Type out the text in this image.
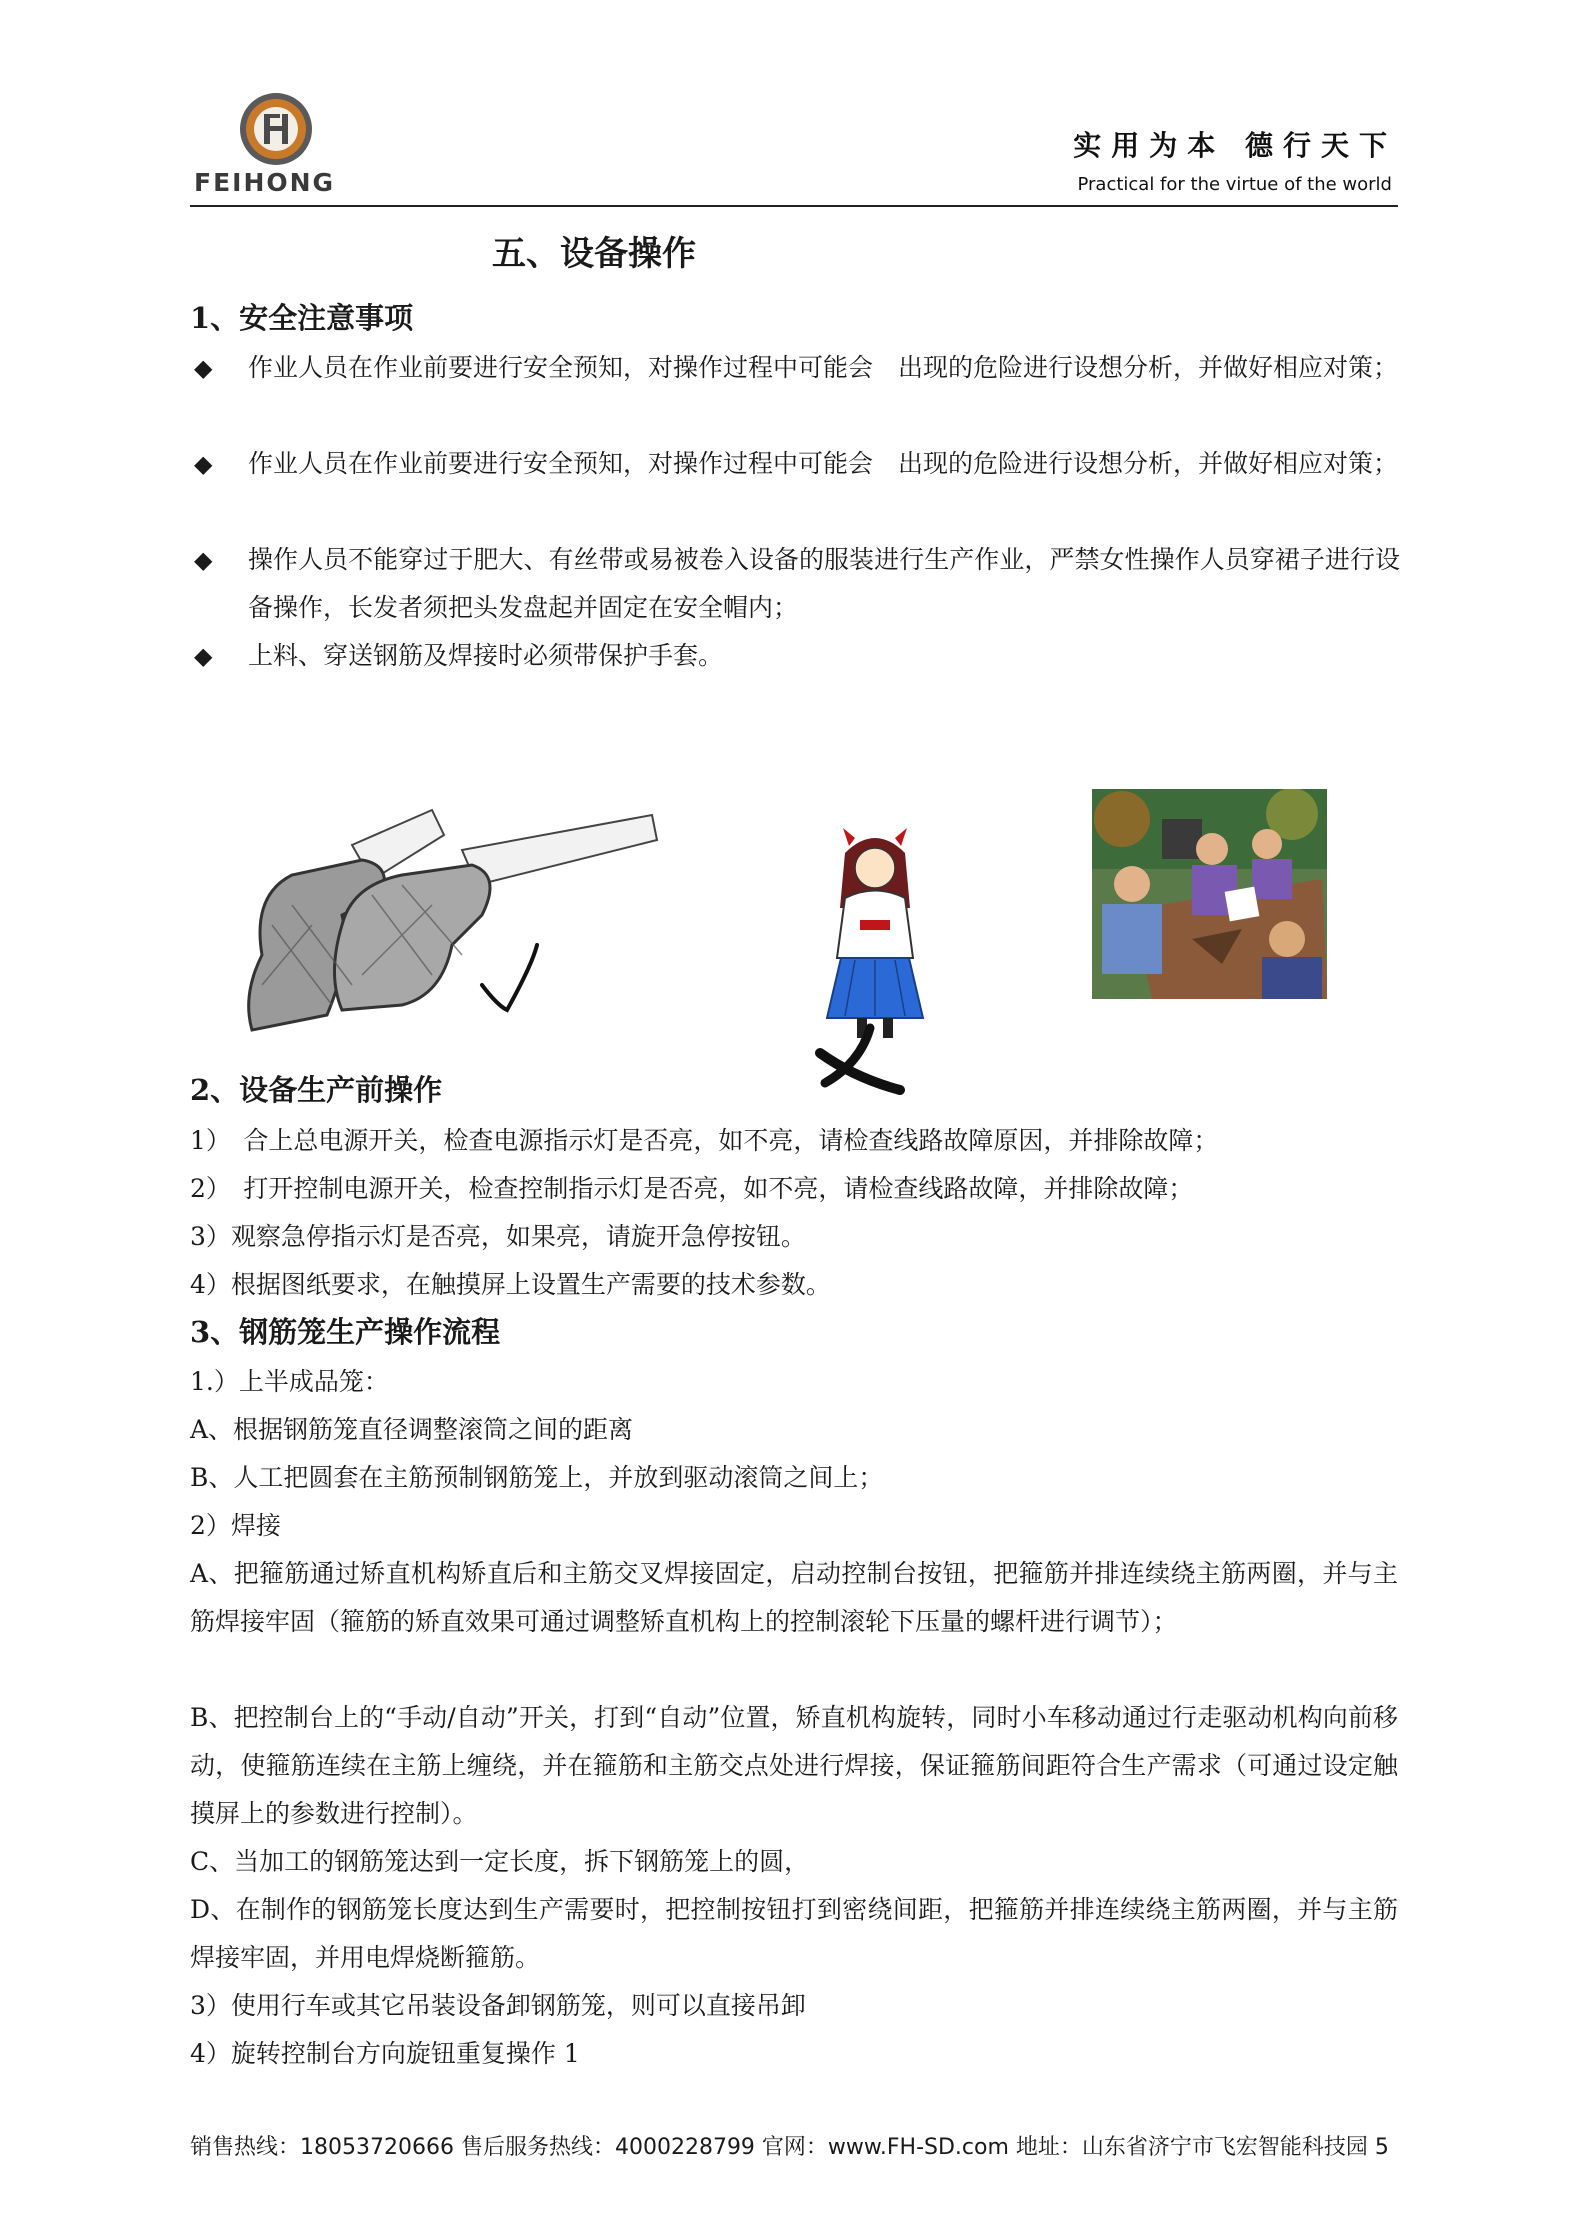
FEIHONG
实用为本 德行天下
Practical for the virtue of the world
五、设备操作
1、安全注意事项
◆ 作业人员在作业前要进行安全预知，对操作过程中可能会　出现的危险进行设想分析，并做好相应对策；
◆ 作业人员在作业前要进行安全预知，对操作过程中可能会　出现的危险进行设想分析，并做好相应对策；
◆ 操作人员不能穿过于肥大、有丝带或易被卷入设备的服装进行生产作业，严禁女性操作人员穿裙子进行设备操作，长发者须把头发盘起并固定在安全帽内；
◆ 上料、穿送钢筋及焊接时必须带保护手套。
2、设备生产前操作
1）　合上总电源开关，检查电源指示灯是否亮，如不亮，请检查线路故障原因，并排除故障；
2）　打开控制电源开关，检查控制指示灯是否亮，如不亮，请检查线路故障，并排除故障；
3）观察急停指示灯是否亮，如果亮，请旋开急停按钮。
4）根据图纸要求，在触摸屏上设置生产需要的技术参数。
3、钢筋笼生产操作流程
1.）上半成品笼：
A、根据钢筋笼直径调整滚筒之间的距离
B、人工把圆套在主筋预制钢筋笼上，并放到驱动滚筒之间上；
2）焊接
A、把箍筋通过矫直机构矫直后和主筋交叉焊接固定，启动控制台按钮，把箍筋并排连续绕主筋两圈，并与主筋焊接牢固（箍筋的矫直效果可通过调整矫直机构上的控制滚轮下压量的螺杆进行调节）；
B、把控制台上的“手动/自动”开关，打到“自动”位置，矫直机构旋转，同时小车移动通过行走驱动机构向前移动，使箍筋连续在主筋上缠绕，并在箍筋和主筋交点处进行焊接，保证箍筋间距符合生产需求（可通过设定触摸屏上的参数进行控制）。
C、当加工的钢筋笼达到一定长度，拆下钢筋笼上的圆，
D、在制作的钢筋笼长度达到生产需要时，把控制按钮打到密绕间距，把箍筋并排连续绕主筋两圈，并与主筋焊接牢固，并用电焊烧断箍筋。
3）使用行车或其它吊装设备卸钢筋笼，则可以直接吊卸
4）旋转控制台方向旋钮重复操作 1
销售热线：18053720666 售后服务热线：4000228799 官网：www.FH-SD.com 地址：山东省济宁市飞宏智能科技园 5
